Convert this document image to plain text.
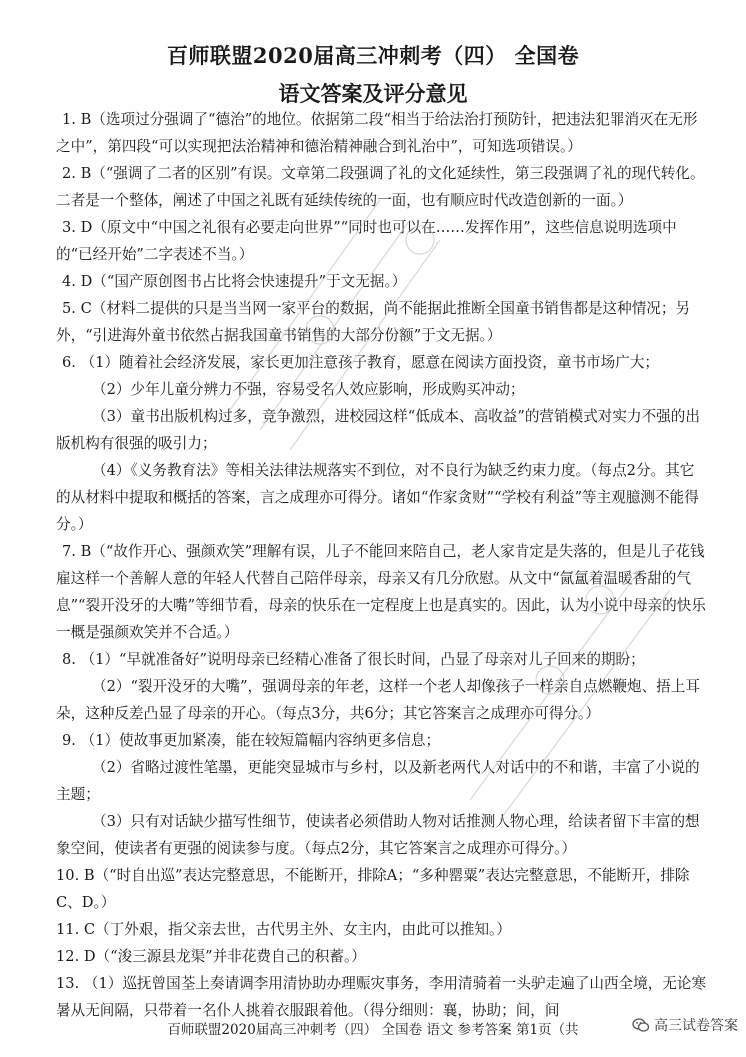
百师联盟2020届高三冲刺考（四） 全国卷
语文答案及评分意见

1. B（选项过分强调了“德治”的地位。依据第二段“相当于给法治打预防针，把违法犯罪消灭在无形之中”，第四段“可以实现把法治精神和德治精神融合到礼治中”，可知选项错误。）

2. B（“强调了二者的区别”有误。文章第二段强调了礼的文化延续性，第三段强调了礼的现代转化。二者是一个整体，阐述了中国之礼既有延续传统的一面，也有顺应时代改造创新的一面。）

3. D（原文中“中国之礼很有必要走向世界”“同时也可以在……发挥作用”，这些信息说明选项中的“已经开始”二字表述不当。）

4. D（“国产原创图书占比将会快速提升”于文无据。）

5. C（材料二提供的只是当当网一家平台的数据，尚不能据此推断全国童书销售都是这种情况；另外，“引进海外童书依然占据我国童书销售的大部分份额”于文无据。）

6. （1）随着社会经济发展，家长更加注意孩子教育，愿意在阅读方面投资，童书市场广大；

（2）少年儿童分辨力不强，容易受名人效应影响，形成购买冲动；

（3）童书出版机构过多，竞争激烈，进校园这样“低成本、高收益”的营销模式对实力不强的出版机构有很强的吸引力；

（4）《义务教育法》等相关法律法规落实不到位，对不良行为缺乏约束力度。（每点2分。其它的从材料中提取和概括的答案，言之成理亦可得分。诸如“作家贪财”“学校有利益”等主观臆测不能得分。）

7. B（“故作开心、强颜欢笑”理解有误，儿子不能回来陪自己，老人家肯定是失落的，但是儿子花钱雇这样一个善解人意的年轻人代替自己陪伴母亲，母亲又有几分欣慰。从文中“氤氲着温暖香甜的气息”“裂开没牙的大嘴”等细节看，母亲的快乐在一定程度上也是真实的。因此，认为小说中母亲的快乐一概是强颜欢笑并不合适。）

8. （1）“早就准备好”说明母亲已经精心准备了很长时间，凸显了母亲对儿子回来的期盼；

（2）“裂开没牙的大嘴”，强调母亲的年老，这样一个老人却像孩子一样亲自点燃鞭炮、捂上耳朵，这种反差凸显了母亲的开心。（每点3分，共6分；其它答案言之成理亦可得分。）

9. （1）使故事更加紧凑，能在较短篇幅内容纳更多信息；

（2）省略过渡性笔墨，更能突显城市与乡村，以及新老两代人对话中的不和谐，丰富了小说的主题；

（3）只有对话缺少描写性细节，使读者必须借助人物对话推测人物心理，给读者留下丰富的想象空间，使读者有更强的阅读参与度。（每点2分，其它答案言之成理亦可得分。）

10. B（“时自出巡”表达完整意思，不能断开，排除A；“多种罂粟”表达完整意思，不能断开，排除C、D。）

11. C（丁外艰，指父亲去世，古代男主外、女主内，由此可以推知。）

12. D（“浚三源县龙渠”并非花费自己的积蓄。）

13. （1）巡抚曾国荃上奏请调李用清协助办理赈灾事务，李用清骑着一头驴走遍了山西全境，无论寒暑从无间隔，只带着一名仆人挑着衣服跟着他。（得分细则：襄，协助；间，间

百师联盟2020届高三冲刺考（四） 全国卷 语文 参考答案 第1页（共	高三试卷答案
